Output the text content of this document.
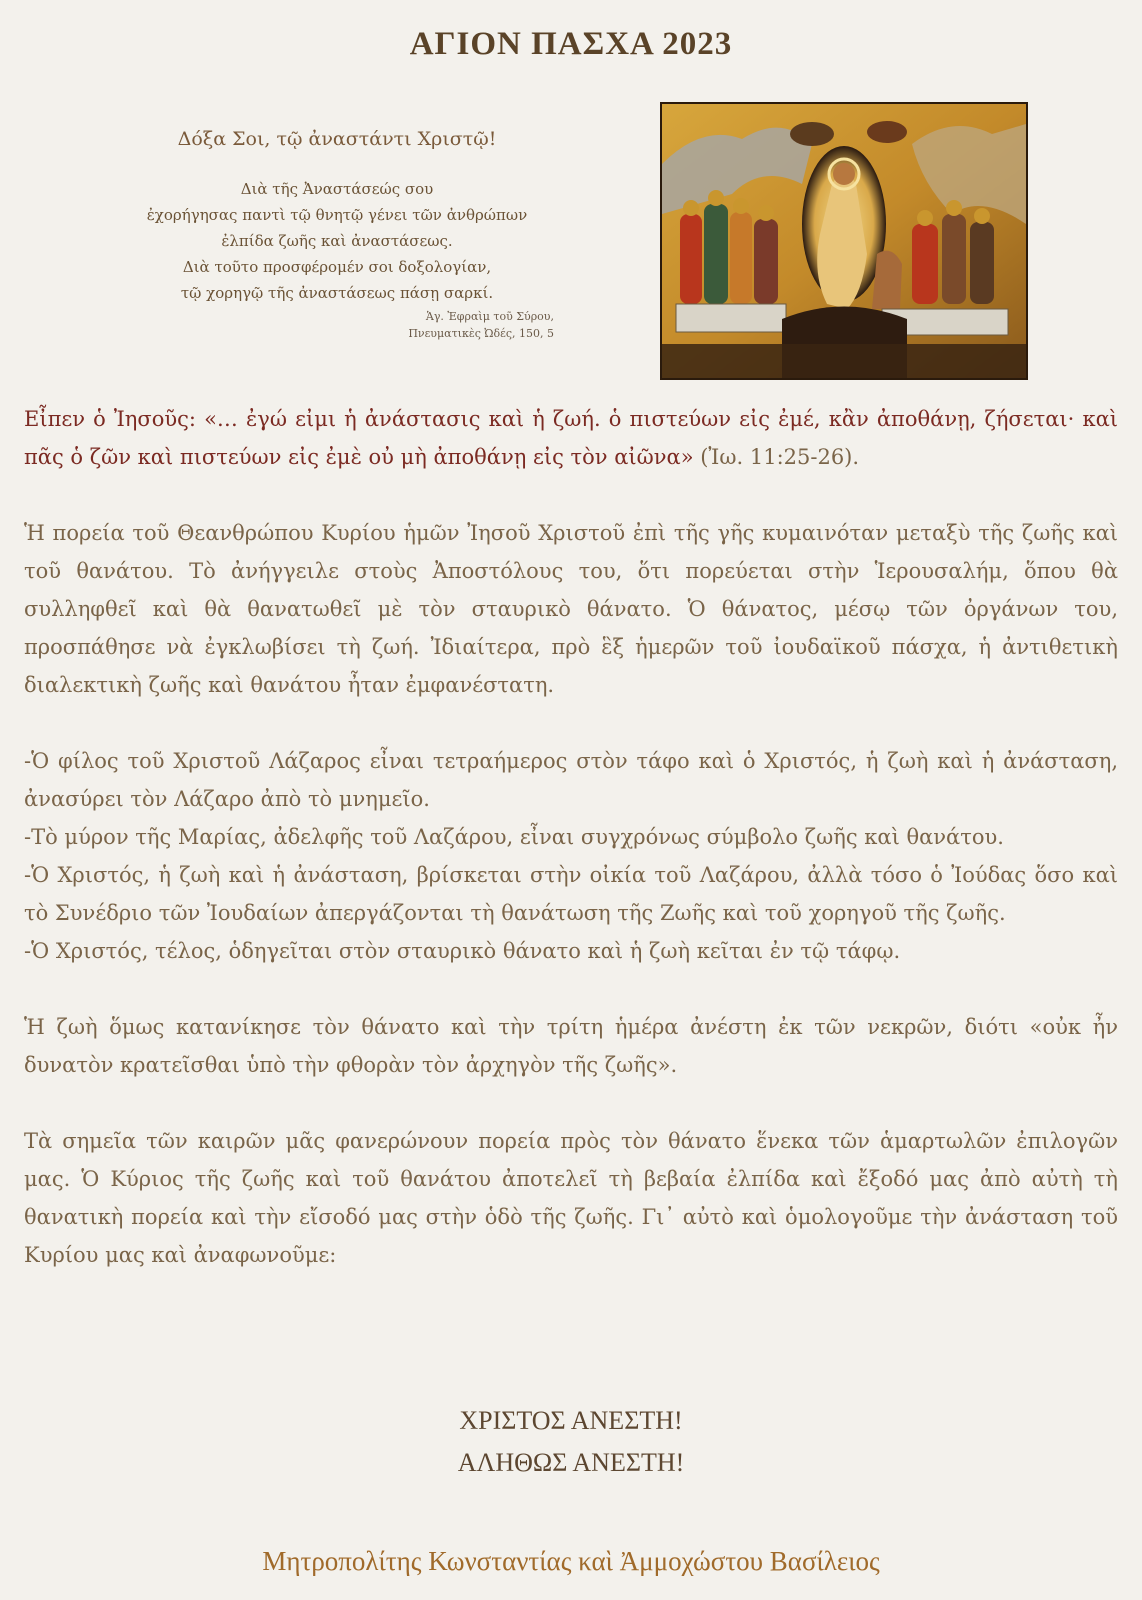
ΑΓΙΟΝ ΠΑΣΧΑ 2023
Δόξα Σοι, τῷ ἀναστάντι Χριστῷ!
Διὰ τῆς Ἀναστάσεώς σου
ἐχορήγησας παντὶ τῷ θνητῷ γένει τῶν ἀνθρώπων
ἐλπίδα ζωῆς καὶ ἀναστάσεως.
Διὰ τοῦτο προσφέρομέν σοι δοξολογίαν,
τῷ χορηγῷ τῆς ἀναστάσεως πάσῃ σαρκί.
Ἁγ. Ἐφραὶμ τοῦ Σύρου,
Πνευματικὲς Ὠδές, 150, 5

Εἶπεν ὁ Ἰησοῦς: «… ἐγώ εἰμι ἡ ἀνάστασις καὶ ἡ ζωή. ὁ πιστεύων εἰς ἐμέ, κἂν ἀποθάνῃ, ζήσεται· καὶ πᾶς ὁ ζῶν καὶ πιστεύων εἰς ἐμὲ οὐ μὴ ἀποθάνῃ εἰς τὸν αἰῶνα» (Ἰω. 11:25-26).

Ἡ πορεία τοῦ Θεανθρώπου Κυρίου ἡμῶν Ἰησοῦ Χριστοῦ ἐπὶ τῆς γῆς κυμαινόταν μεταξὺ τῆς ζωῆς καὶ τοῦ θανάτου. Τὸ ἀνήγγειλε στοὺς Ἀποστόλους του, ὅτι πορεύεται στὴν Ἱερουσαλήμ, ὅπου θὰ συλληφθεῖ καὶ θὰ θανατωθεῖ μὲ τὸν σταυρικὸ θάνατο. Ὁ θάνατος, μέσῳ τῶν ὀργάνων του, προσπάθησε νὰ ἐγκλωβίσει τὴ ζωή. Ἰδιαίτερα, πρὸ ἓξ ἡμερῶν τοῦ ἰουδαϊκοῦ πάσχα, ἡ ἀντιθετικὴ διαλεκτικὴ ζωῆς καὶ θανάτου ἦταν ἐμφανέστατη.

-Ὁ φίλος τοῦ Χριστοῦ Λάζαρος εἶναι τετραήμερος στὸν τάφο καὶ ὁ Χριστός, ἡ ζωὴ καὶ ἡ ἀνάσταση, ἀνασύρει τὸν Λάζαρο ἀπὸ τὸ μνημεῖο.

-Τὸ μύρον τῆς Μαρίας, ἀδελφῆς τοῦ Λαζάρου, εἶναι συγχρόνως σύμβολο ζωῆς καὶ θανάτου.

-Ὁ Χριστός, ἡ ζωὴ καὶ ἡ ἀνάσταση, βρίσκεται στὴν οἰκία τοῦ Λαζάρου, ἀλλὰ τόσο ὁ Ἰούδας ὅσο καὶ τὸ Συνέδριο τῶν Ἰουδαίων ἀπεργάζονται τὴ θανάτωση τῆς Ζωῆς καὶ τοῦ χορηγοῦ τῆς ζωῆς.

-Ὁ Χριστός, τέλος, ὁδηγεῖται στὸν σταυρικὸ θάνατο καὶ ἡ ζωὴ κεῖται ἐν τῷ τάφῳ.

Ἡ ζωὴ ὅμως κατανίκησε τὸν θάνατο καὶ τὴν τρίτη ἡμέρα ἀνέστη ἐκ τῶν νεκρῶν, διότι «οὐκ ἦν δυνατὸν κρατεῖσθαι ὑπὸ τὴν φθορὰν τὸν ἀρχηγὸν τῆς ζωῆς».

Τὰ σημεῖα τῶν καιρῶν μᾶς φανερώνουν πορεία πρὸς τὸν θάνατο ἕνεκα τῶν ἁμαρτωλῶν ἐπιλογῶν μας. Ὁ Κύριος τῆς ζωῆς καὶ τοῦ θανάτου ἀποτελεῖ τὴ βεβαία ἐλπίδα καὶ ἔξοδό μας ἀπὸ αὐτὴ τὴ θανατικὴ πορεία καὶ τὴν εἴσοδό μας στὴν ὁδὸ τῆς ζωῆς. Γι᾽ αὐτὸ καὶ ὁμολογοῦμε τὴν ἀνάσταση τοῦ Κυρίου μας καὶ ἀναφωνοῦμε:

ΧΡΙΣΤΟΣ ΑΝΕΣΤΗ!
ΑΛΗΘΩΣ ΑΝΕΣΤΗ!
Μητροπολίτης Κωνσταντίας καὶ Ἀμμοχώστου Βασίλειος
